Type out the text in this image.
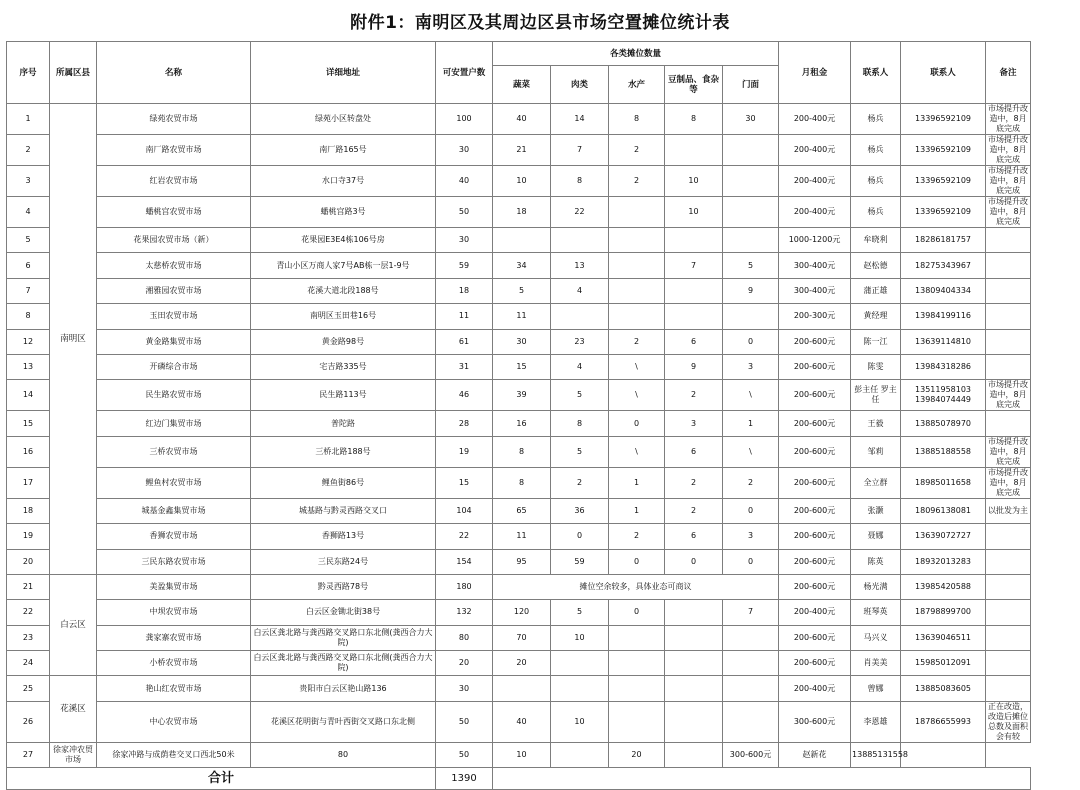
附件1：南明区及其周边区县市场空置摊位统计表
序号	所属区县	名称	详细地址	可安置户数	各类摊位数量					月租金	联系人	联系人	备注
					蔬菜	肉类	水产	豆制品、食杂等	门面				
1	南明区	绿苑农贸市场	绿苑小区转盘处	100	40	14	8	8	30	200-400元	杨兵	13396592109	市场提升改造中，8月底完成
2		南厂路农贸市场	南厂路165号	30	21	7	2			200-400元	杨兵	13396592109	市场提升改造中，8月底完成
3		红岩农贸市场	水口寺37号	40	10	8	2	10		200-400元	杨兵	13396592109	市场提升改造中，8月底完成
4		蟠桃宫农贸市场	蟠桃宫路3号	50	18	22		10		200-400元	杨兵	13396592109	市场提升改造中，8月底完成
5		花果园农贸市场（新）	花果园E3E4栋106号房	30						1000-1200元	牟晓利	18286181757	
6		太慈桥农贸市场	青山小区万商人家7号AB栋一层1-9号	59	34	13		7	5	300-400元	赵松德	18275343967	
7		湘雅园农贸市场	花溪大道北段188号	18	5	4			9	300-400元	蒲正雄	13809404334	
8		玉田农贸市场	南明区玉田巷16号	11	11					200-300元	黄经理	13984199116	
12		黄金路集贸市场	黄金路98号	61	30	23	2	6	0	200-600元	陈一江	13639114810	
13		开磷综合市场	宅吉路335号	31	15	4	\	9	3	200-600元	陈雯	13984318286	
14		民生路农贸市场	民生路113号	46	39	5	\	2	\	200-600元	彭主任 罗主任	13511958103 13984074449	市场提升改造中，8月底完成
15		红边门集贸市场	普陀路	28	16	8	0	3	1	200-600元	王毅	13885078970	
16		三桥农贸市场	三桥北路188号	19	8	5	\	6	\	200-600元	邹莉	13885188558	市场提升改造中，8月底完成
17		鲤鱼村农贸市场	鲤鱼街86号	15	8	2	1	2	2	200-600元	全立群	18985011658	市场提升改造中，8月底完成
18		城基金鑫集贸市场	城基路与黔灵西路交叉口	104	65	36	1	2	0	200-600元	张灏	18096138081	以批发为主
19		香狮农贸市场	香狮路13号	22	11	0	2	6	3	200-600元	聂娜	13639072727	
20		三民东路农贸市场	三民东路24号	154	95	59	0	0	0	200-600元	陈英	18932013283	
21	白云区	美盈集贸市场	黔灵西路78号	180	摊位空余较多，具体业态可商议					200-600元	杨光满	13985420588	
22		中坝农贸市场	白云区金锄北街38号	132	120	5	0		7	200-400元	班琴英	18798899700	
23		龚家寨农贸市场	白云区龚北路与龚西路交叉路口东北侧(龚西合力大院)	80	70	10				200-600元	马兴义	13639046511	
24		小桥农贸市场	白云区龚北路与龚西路交叉路口东北侧(龚西合力大院)	20	20					200-600元	肖美美	15985012091	
25	花溪区	艳山红农贸市场	贵阳市白云区艳山路136	30						200-400元	曾娜	13885083605	
26		中心农贸市场	花溪区花明街与青叶西街交叉路口东北侧	50	40	10				300-600元	李恩雄	18786655993	正在改造，改造后摊位总数及面积会有较
27	徐家冲农贸市场	徐家冲路与成荫巷交叉口西北50米	80	50	10		20		300-600元	赵新花	13885131558		
合计				1390									
